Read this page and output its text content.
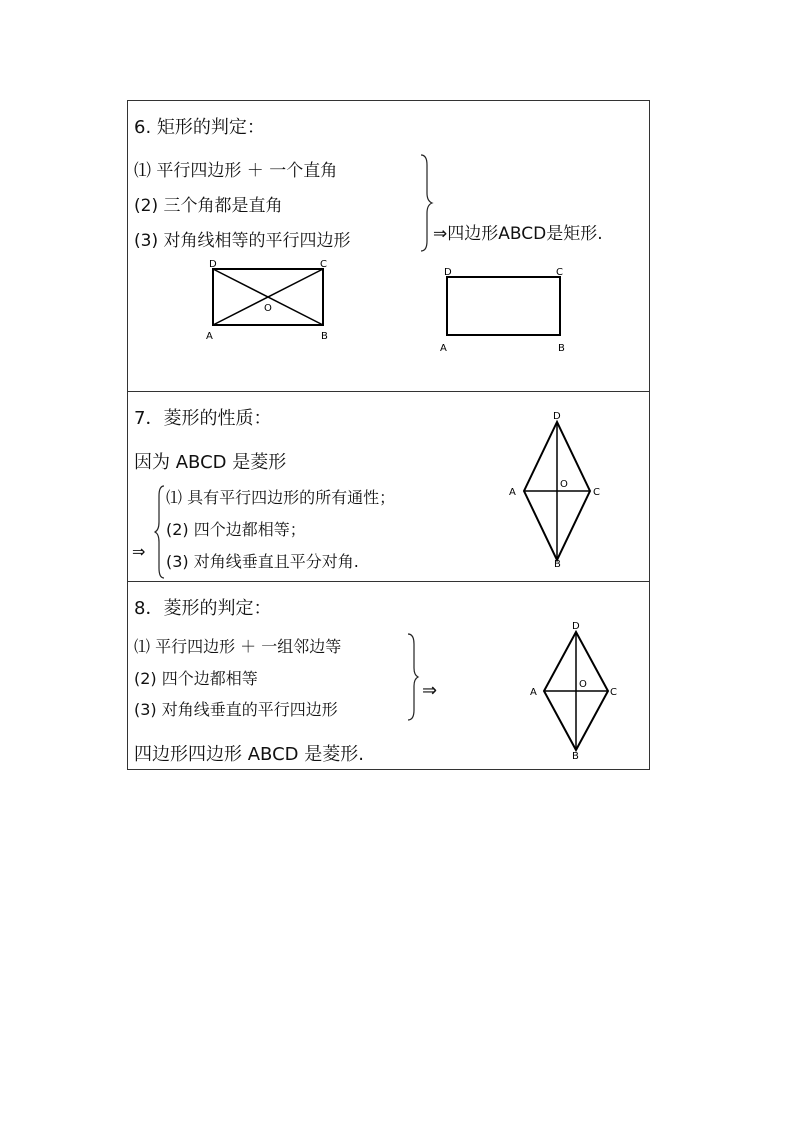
6. 矩形的判定：
⑴ 平行四边形 ＋ 一个直角
(2) 三个角都是直角
(3) 对角线相等的平行四边形	⇒四边形ABCD是矩形.
D	C
A	B
O
D	C
A	B
7．菱形的性质：
因为 ABCD 是菱形
⇒
⑴ 具有平行四边形的所有通性；
(2) 四个边都相等；
(3) 对角线垂直且平分对角.
D
A	C
B
O
8．菱形的判定：
⑴ 平行四边形 ＋ 一组邻边等
(2) 四个边都相等
(3) 对角线垂直的平行四边形
⇒
四边形四边形 ABCD 是菱形.
D
A	C
B
O
